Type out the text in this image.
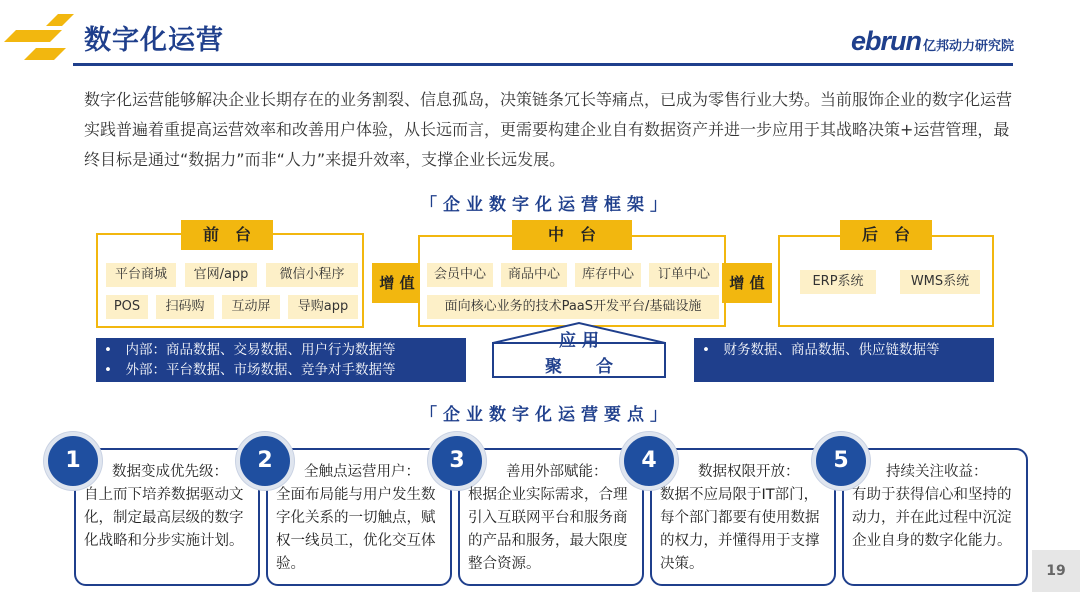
数字化运营	ebrun 亿邦动力研究院
数字化运营能够解决企业长期存在的业务割裂、信息孤岛，决策链条冗长等痛点，已成为零售行业大势。当前服饰企业的数字化运营实践普遍着重提高运营效率和改善用户体验，从长远而言，更需要构建企业自有数据资产并进一步应用于其战略决策+运营管理，最终目标是通过“数据力”而非“人力”来提升效率，支撑企业长远发展。
「企业数字化运营框架」
前　台
平台商城	官网/app	微信小程序
POS	扫码购	互动屏	导购app
增 值
中　台
会员中心	商品中心	库存中心	订单中心
面向核心业务的技术PaaS开发平台/基础设施
增 值
后　台
ERP系统	WMS系统
•　内部：商品数据、交易数据、用户行为数据等
•　外部：平台数据、市场数据、竞争对手数据等
•　财务数据、商品数据、供应链数据等
应 用
聚　　合
「企业数字化运营要点」
1	数据变成优先级：
自上而下培养数据驱动文化，制定最高层级的数字化战略和分步实施计划。
2	全触点运营用户：
全面布局能与用户发生数字化关系的一切触点，赋权一线员工，优化交互体验。
3	善用外部赋能：
根据企业实际需求，合理引入互联网平台和服务商的产品和服务，最大限度整合资源。
4	数据权限开放：
数据不应局限于IT部门，每个部门都要有使用数据的权力，并懂得用于支撑决策。
5	持续关注收益：
有助于获得信心和坚持的动力，并在此过程中沉淀企业自身的数字化能力。
19
